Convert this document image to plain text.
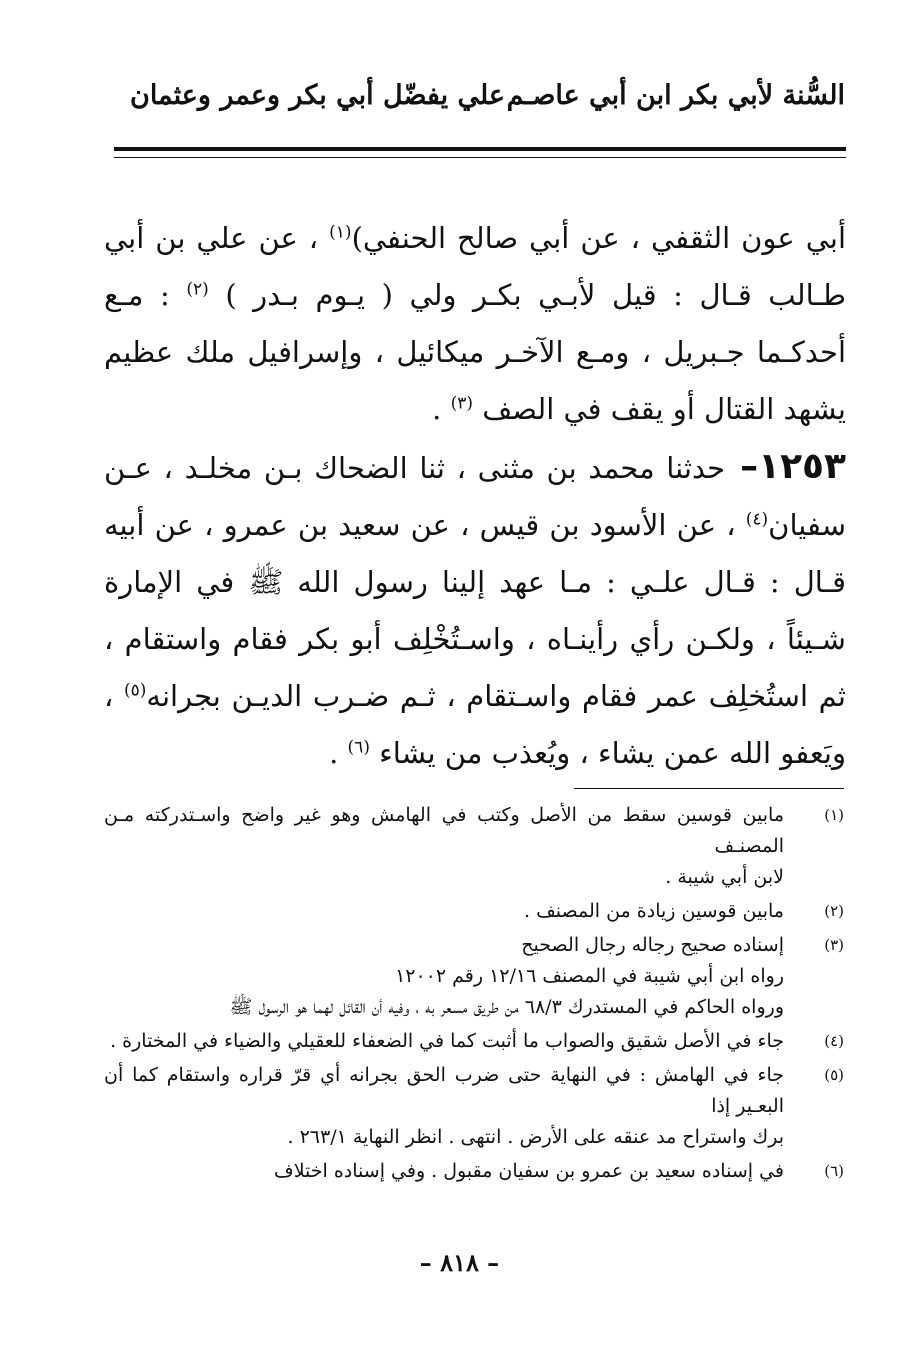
السُّنة لأبي بكر ابن أبي عاصـم
علي يفضّل أبي بكر وعمر وعثمان

أبي عون الثقفي ، عن أبي صالح الحنفي)$^{(١)}$ ، عن علي بن أبي طـالب قـال : قيل لأبـي بكـر ولي ( يـوم بـدر ) $^{(٢)}$ : مـع أحدكـما جـبريل ، ومـع الآخـر ميكائيل ، وإسرافيل ملك عظيم يشهد القتال أو يقف في الصف $^{(٣)}$ .

١٢٥٣– حدثنا محمد بن مثنى ، ثنا الضحاك بـن مخلـد ، عـن سفيان$^{(٤)}$ ، عن الأسود بن قيس ، عن سعيد بن عمرو ، عن أبيه قـال : قـال علـي : مـا عهد إلينا رسول الله ﷺ في الإمارة شـيئاً ، ولكـن رأي رأينـاه ، واسـتُخْلِف أبو بكر فقام واستقام ، ثم استُخلِف عمر فقام واسـتقام ، ثـم ضـرب الديـن بجرانه$^{(٥)}$ ، ويَعفو الله عمن يشاء ، ويُعذب من يشاء $^{(٦)}$ .

(١)
مابين قوسين سقط من الأصل وكتب في الهامش وهو غير واضح واسـتدركته مـن المصنـف
لابن أبي شيبة .
(٢)
مابين قوسين زيادة من المصنف .
(٣)
إسناده صحيح رجاله رجال الصحيح
رواه ابن أبي شيبة في المصنف ١٢/١٦ رقم ١٢٠٠٢
ورواه الحاكم في المستدرك ٦٨/٣ من طريق مسعر به ، وفيه أن القائل لهما هو الرسول ﷺ
(٤)
جاء في الأصل شقيق والصواب ما أثبت كما في الضعفاء للعقيلي والضياء في المختارة .
(٥)
جاء في الهامش : في النهاية حتى ضرب الحق بجرانه أي قرّ قراره واستقام كما أن البعـير إذا
برك واستراح مد عنقه على الأرض . انتهى . انظر النهاية ٢٦٣/١ .
(٦)
في إسناده سعيد بن عمرو بن سفيان مقبول . وفي إسناده اختلاف
– ٨١٨ –
